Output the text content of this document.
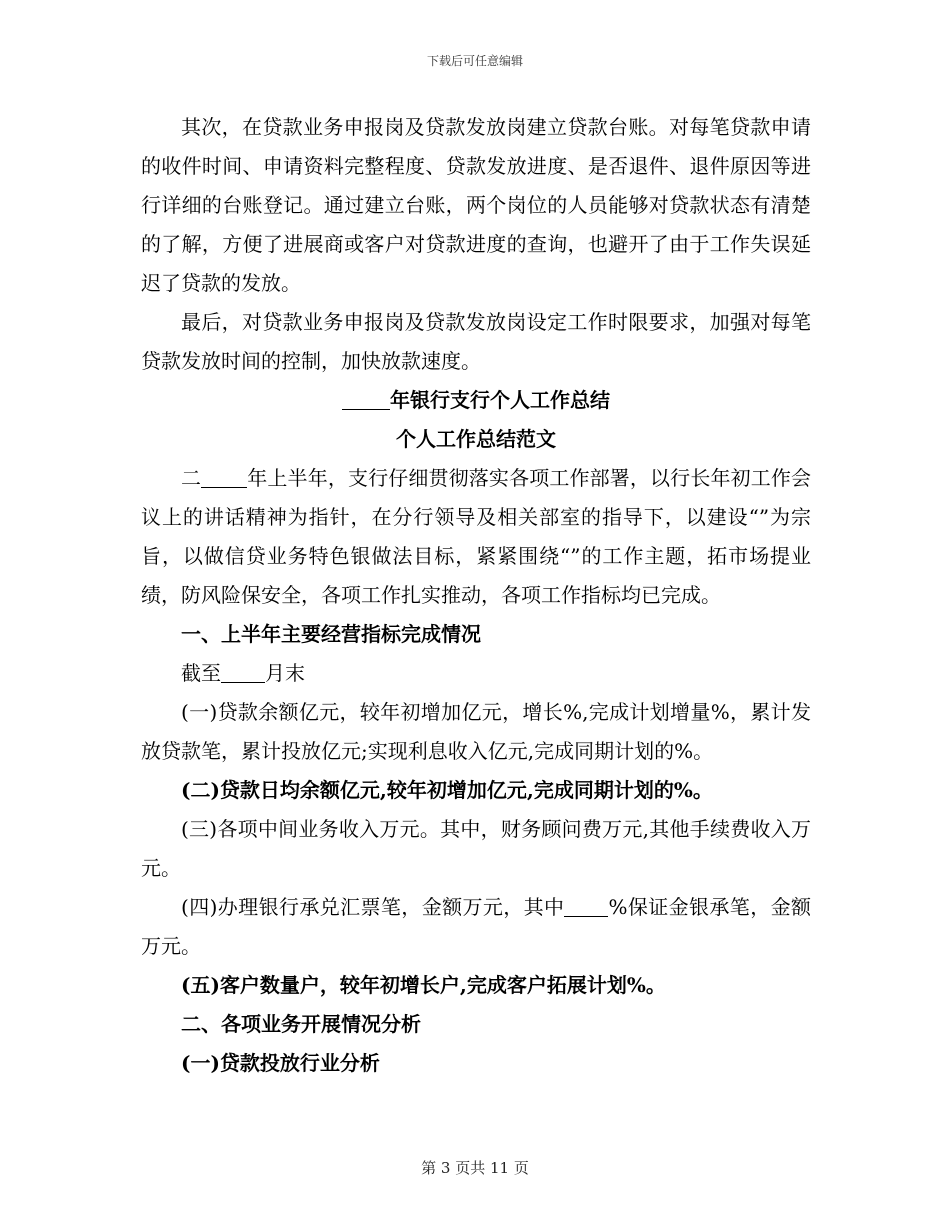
下载后可任意编辑

其次，在贷款业务申报岗及贷款发放岗建立贷款台账。对每笔贷款申请的收件时间、申请资料完整程度、贷款发放进度、是否退件、退件原因等进行详细的台账登记。通过建立台账，两个岗位的人员能够对贷款状态有清楚的了解，方便了进展商或客户对贷款进度的查询，也避开了由于工作失误延迟了贷款的发放。

最后，对贷款业务申报岗及贷款发放岗设定工作时限要求，加强对每笔贷款发放时间的控制，加快放款速度。

年银行支行个人工作总结

个人工作总结范文

二 年上半年，支行仔细贯彻落实各项工作部署，以行长年初工作会议上的讲话精神为指针，在分行领导及相关部室的指导下，以建设“”为宗旨，以做信贷业务特色银做法目标，紧紧围绕“”的工作主题，拓市场提业绩，防风险保安全，各项工作扎实推动，各项工作指标均已完成。

一、上半年主要经营指标完成情况

截至 月末

(一)贷款余额亿元，较年初增加亿元，增长%,完成计划增量%，累计发放贷款笔，累计投放亿元;实现利息收入亿元,完成同期计划的%。

(二)贷款日均余额亿元,较年初增加亿元,完成同期计划的%。

(三)各项中间业务收入万元。其中，财务顾问费万元,其他手续费收入万元。

(四)办理银行承兑汇票笔，金额万元，其中 %保证金银承笔，金额万元。

(五)客户数量户，较年初增长户,完成客户拓展计划%。

二、各项业务开展情况分析

(一)贷款投放行业分析

第 3 页共 11 页
